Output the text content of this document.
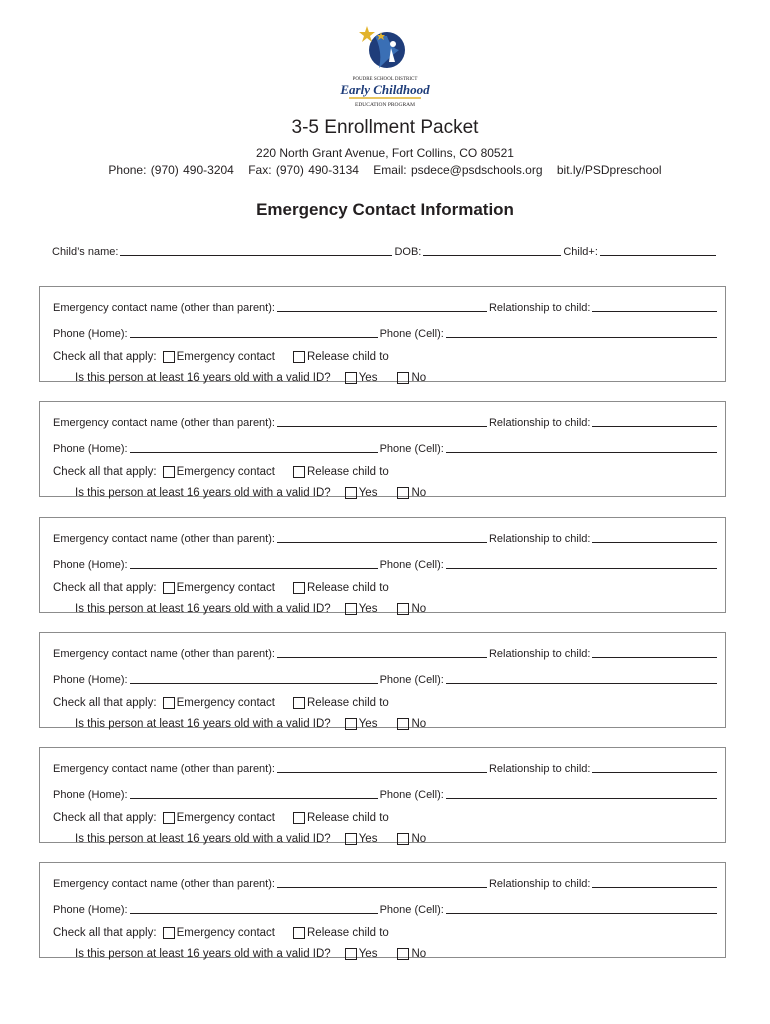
POUDRE SCHOOL DISTRICT
Early Childhood
EDUCATION PROGRAM
3-5 Enrollment Packet
220 North Grant Avenue, Fort Collins, CO 80521
Phone: (970) 490-3204 Fax: (970) 490-3134 Email: psdece@psdschools.org bit.ly/PSDpreschool
Emergency Contact Information
Child’s name:	DOB:	Child+:
Emergency contact name (other than parent):	Relationship to child:
Phone (Home):	Phone (Cell):
Check all that apply: Emergency contact	Release child to
Is this person at least 16 years old with a valid ID? Yes	No
Emergency contact name (other than parent):	Relationship to child:
Phone (Home):	Phone (Cell):
Check all that apply: Emergency contact	Release child to
Is this person at least 16 years old with a valid ID? Yes	No
Emergency contact name (other than parent):	Relationship to child:
Phone (Home):	Phone (Cell):
Check all that apply: Emergency contact	Release child to
Is this person at least 16 years old with a valid ID? Yes	No
Emergency contact name (other than parent):	Relationship to child:
Phone (Home):	Phone (Cell):
Check all that apply: Emergency contact	Release child to
Is this person at least 16 years old with a valid ID? Yes	No
Emergency contact name (other than parent):	Relationship to child:
Phone (Home):	Phone (Cell):
Check all that apply: Emergency contact	Release child to
Is this person at least 16 years old with a valid ID? Yes	No
Emergency contact name (other than parent):	Relationship to child:
Phone (Home):	Phone (Cell):
Check all that apply: Emergency contact	Release child to
Is this person at least 16 years old with a valid ID? Yes	No
